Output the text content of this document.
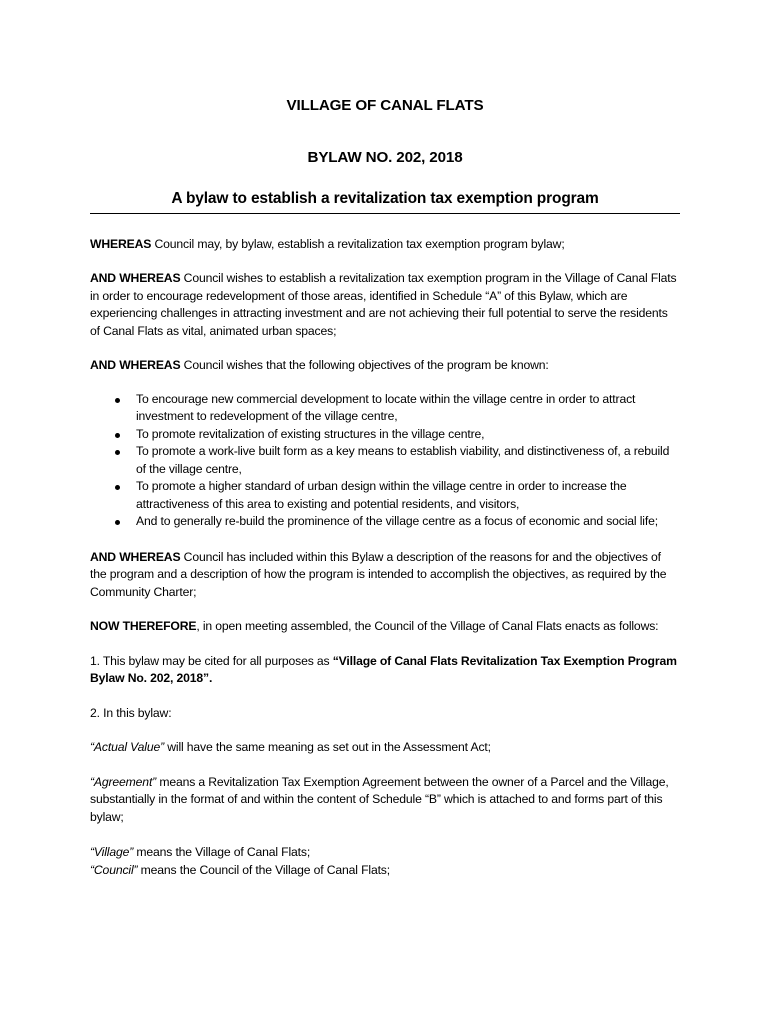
VILLAGE OF CANAL FLATS
BYLAW NO. 202, 2018
A bylaw to establish a revitalization tax exemption program

WHEREAS Council may, by bylaw, establish a revitalization tax exemption program bylaw;

AND WHEREAS Council wishes to establish a revitalization tax exemption program in the Village of Canal Flats in order to encourage redevelopment of those areas, identified in Schedule “A” of this Bylaw, which are experiencing challenges in attracting investment and are not achieving their full potential to serve the residents of Canal Flats as vital, animated urban spaces;

AND WHEREAS Council wishes that the following objectives of the program be known:

To encourage new commercial development to locate within the village centre in order to attract investment to redevelopment of the village centre,
To promote revitalization of existing structures in the village centre,
To promote a work-live built form as a key means to establish viability, and distinctiveness of, a rebuild of the village centre,
To promote a higher standard of urban design within the village centre in order to increase the attractiveness of this area to existing and potential residents, and visitors,
And to generally re-build the prominence of the village centre as a focus of economic and social life;

AND WHEREAS Council has included within this Bylaw a description of the reasons for and the objectives of the program and a description of how the program is intended to accomplish the objectives, as required by the Community Charter;

NOW THEREFORE, in open meeting assembled, the Council of the Village of Canal Flats enacts as follows:

1. This bylaw may be cited for all purposes as “Village of Canal Flats Revitalization Tax Exemption Program Bylaw No. 202, 2018”.

2. In this bylaw:

“Actual Value” will have the same meaning as set out in the Assessment Act;

“Agreement” means a Revitalization Tax Exemption Agreement between the owner of a Parcel and the Village, substantially in the format of and within the content of Schedule “B” which is attached to and forms part of this bylaw;

“Village” means the Village of Canal Flats;

“Council” means the Council of the Village of Canal Flats;
